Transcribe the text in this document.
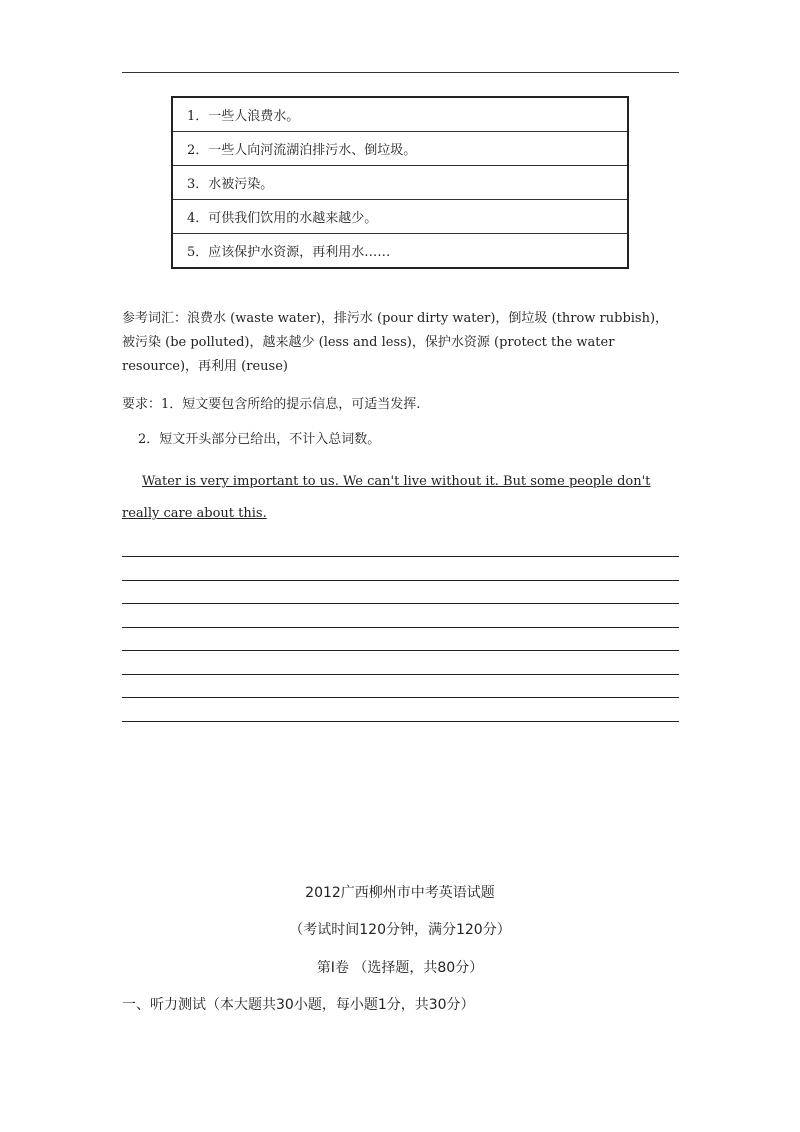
1．一些人浪费水。
2．一些人向河流湖泊排污水、倒垃圾。
3．水被污染。
4．可供我们饮用的水越来越少。
5．应该保护水资源，再利用水……
参考词汇：浪费水 (waste water)，排污水 (pour dirty water)，倒垃圾 (throw rubbish)，被污染 (be polluted)，越来越少 (less and less)，保护水资源 (protect the water resource)，再利用 (reuse)
要求：1．短文要包含所给的提示信息，可适当发挥.
2．短文开头部分已给出，不计入总词数。
Water is very important to us. We can't live without it. But some people don't really care about this.
2012广西柳州市中考英语试题
（考试时间120分钟，满分120分）
第I卷 （选择题，共80分）
一、听力测试（本大题共30小题，每小题1分，共30分）
